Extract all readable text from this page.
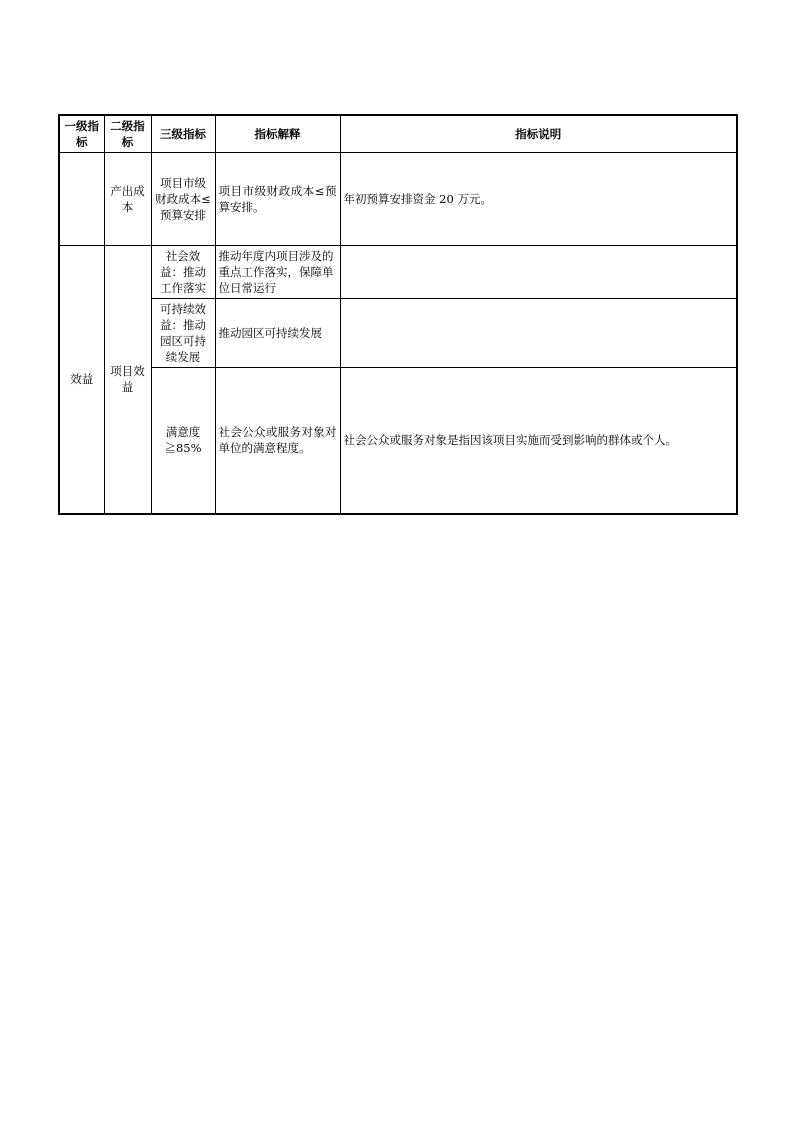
一级指标	二级指标	三级指标	指标解释	指标说明
	产出成本	项目市级财政成本≤预算安排	项目市级财政成本≤预算安排。	年初预算安排资金 20 万元。
效益	项目效益	社会效益：推动工作落实	推动年度内项目涉及的重点工作落实，保障单位日常运行	
		可持续效益：推动园区可持续发展	推动园区可持续发展	
		满意度≧85%	社会公众或服务对象对单位的满意程度。	社会公众或服务对象是指因该项目实施而受到影响的群体或个人。
